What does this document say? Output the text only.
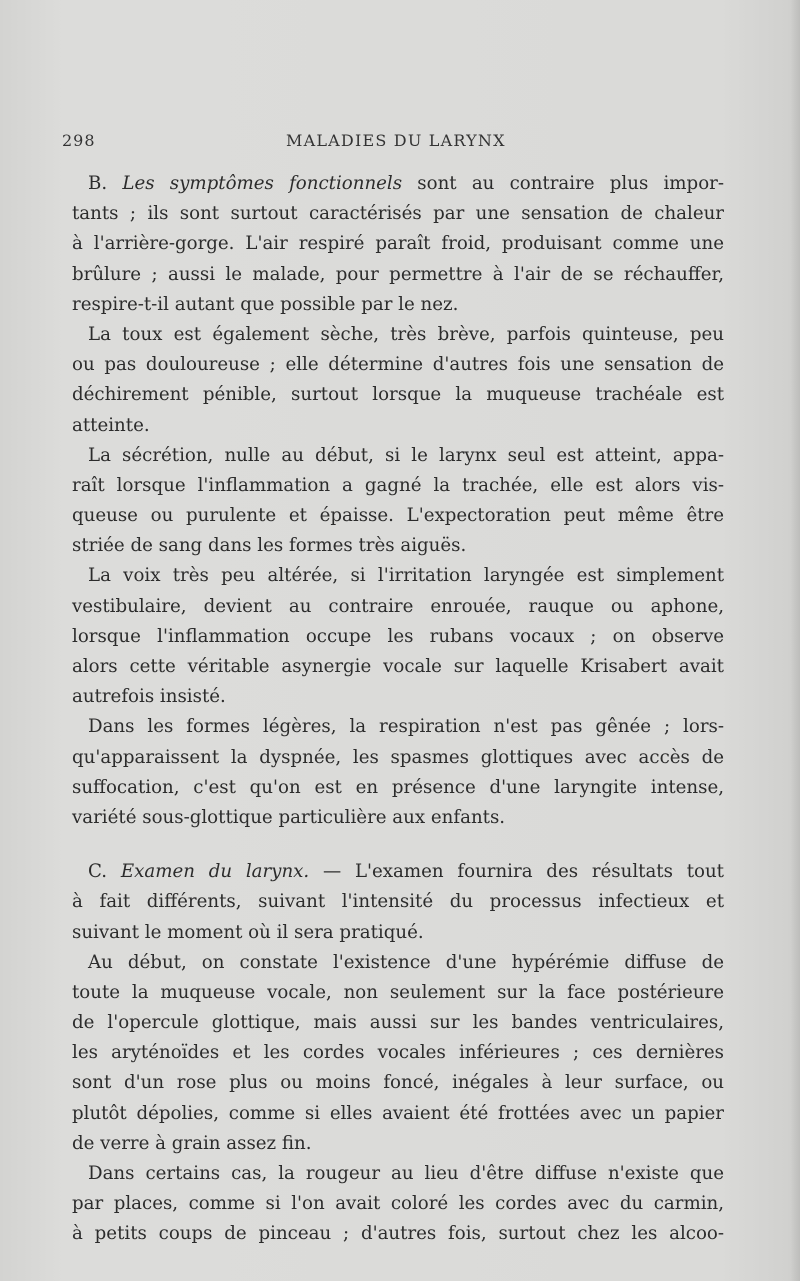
298	MALADIES DU LARYNX
B. Les symptômes fonctionnels sont au contraire plus impor-
tants ; ils sont surtout caractérisés par une sensation de chaleur
à l'arrière-gorge. L'air respiré paraît froid, produisant comme une
brûlure ; aussi le malade, pour permettre à l'air de se réchauffer,
respire-t-il autant que possible par le nez.
La toux est également sèche, très brève, parfois quinteuse, peu
ou pas douloureuse ; elle détermine d'autres fois une sensation de
déchirement pénible, surtout lorsque la muqueuse trachéale est
atteinte.
La sécrétion, nulle au début, si le larynx seul est atteint, appa-
raît lorsque l'inflammation a gagné la trachée, elle est alors vis-
queuse ou purulente et épaisse. L'expectoration peut même être
striée de sang dans les formes très aiguës.
La voix très peu altérée, si l'irritation laryngée est simplement
vestibulaire, devient au contraire enrouée, rauque ou aphone,
lorsque l'inflammation occupe les rubans vocaux ; on observe
alors cette véritable asynergie vocale sur laquelle Krisabert avait
autrefois insisté.
Dans les formes légères, la respiration n'est pas gênée ; lors-
qu'apparaissent la dyspnée, les spasmes glottiques avec accès de
suffocation, c'est qu'on est en présence d'une laryngite intense,
variété sous-glottique particulière aux enfants.
C. Examen du larynx. — L'examen fournira des résultats tout
à fait différents, suivant l'intensité du processus infectieux et
suivant le moment où il sera pratiqué.
Au début, on constate l'existence d'une hypérémie diffuse de
toute la muqueuse vocale, non seulement sur la face postérieure
de l'opercule glottique, mais aussi sur les bandes ventriculaires,
les aryténoïdes et les cordes vocales inférieures ; ces dernières
sont d'un rose plus ou moins foncé, inégales à leur surface, ou
plutôt dépolies, comme si elles avaient été frottées avec un papier
de verre à grain assez fin.
Dans certains cas, la rougeur au lieu d'être diffuse n'existe que
par places, comme si l'on avait coloré les cordes avec du carmin,
à petits coups de pinceau ; d'autres fois, surtout chez les alcoo-
